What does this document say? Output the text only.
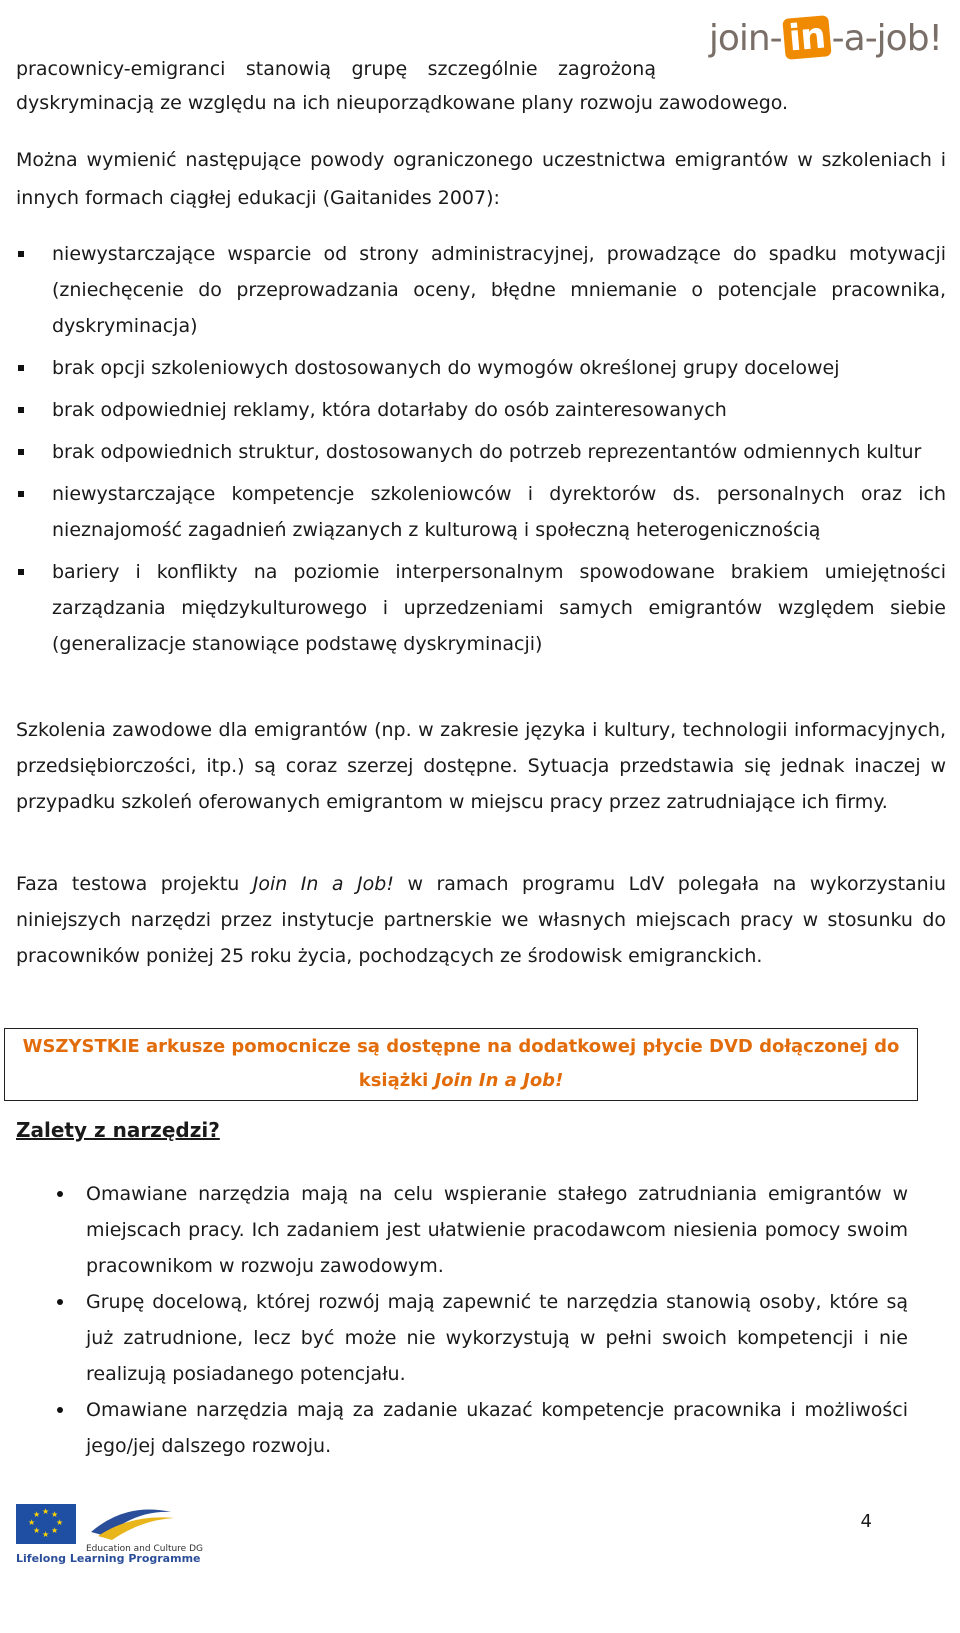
join- in -a-job!
pracownicy-emigranci stanowią grupę szczególnie zagrożoną
dyskryminacją ze względu na ich nieuporządkowane plany rozwoju zawodowego.
Można wymienić następujące powody ograniczonego uczestnictwa emigrantów w szkoleniach i innych formach ciągłej edukacji (Gaitanides 2007):
niewystarczające wsparcie od strony administracyjnej, prowadzące do spadku motywacji (zniechęcenie do przeprowadzania oceny, błędne mniemanie o potencjale pracownika, dyskryminacja)
brak opcji szkoleniowych dostosowanych do wymogów określonej grupy docelowej
brak odpowiedniej reklamy, która dotarłaby do osób zainteresowanych
brak odpowiednich struktur, dostosowanych do potrzeb reprezentantów odmiennych kultur
niewystarczające kompetencje szkoleniowców i dyrektorów ds. personalnych oraz ich nieznajomość zagadnień związanych z kulturową i społeczną heterogenicznością
bariery i konflikty na poziomie interpersonalnym spowodowane brakiem umiejętności zarządzania międzykulturowego i uprzedzeniami samych emigrantów względem siebie (generalizacje stanowiące podstawę dyskryminacji)
Szkolenia zawodowe dla emigrantów (np. w zakresie języka i kultury, technologii informacyjnych, przedsiębiorczości, itp.) są coraz szerzej dostępne. Sytuacja przedstawia się jednak inaczej w przypadku szkoleń oferowanych emigrantom w miejscu pracy przez zatrudniające ich firmy.
Faza testowa projektu Join In a Job! w ramach programu LdV polegała na wykorzystaniu niniejszych narzędzi przez instytucje partnerskie we własnych miejscach pracy w stosunku do pracowników poniżej 25 roku życia, pochodzących ze środowisk emigranckich.
WSZYSTKIE arkusze pomocnicze są dostępne na dodatkowej płycie DVD dołączonej do książki Join In a Job!
Zalety z narzędzi?
Omawiane narzędzia mają na celu wspieranie stałego zatrudniania emigrantów w miejscach pracy. Ich zadaniem jest ułatwienie pracodawcom niesienia pomocy swoim pracownikom w rozwoju zawodowym.
Grupę docelową, której rozwój mają zapewnić te narzędzia stanowią osoby, które są już zatrudnione, lecz być może nie wykorzystują w pełni swoich kompetencji i nie realizują posiadanego potencjału.
Omawiane narzędzia mają za zadanie ukazać kompetencje pracownika i możliwości jego/jej dalszego rozwoju.
★ ★
★
★
★
★
★
★
Education and Culture DG
Lifelong Learning Programme
4
